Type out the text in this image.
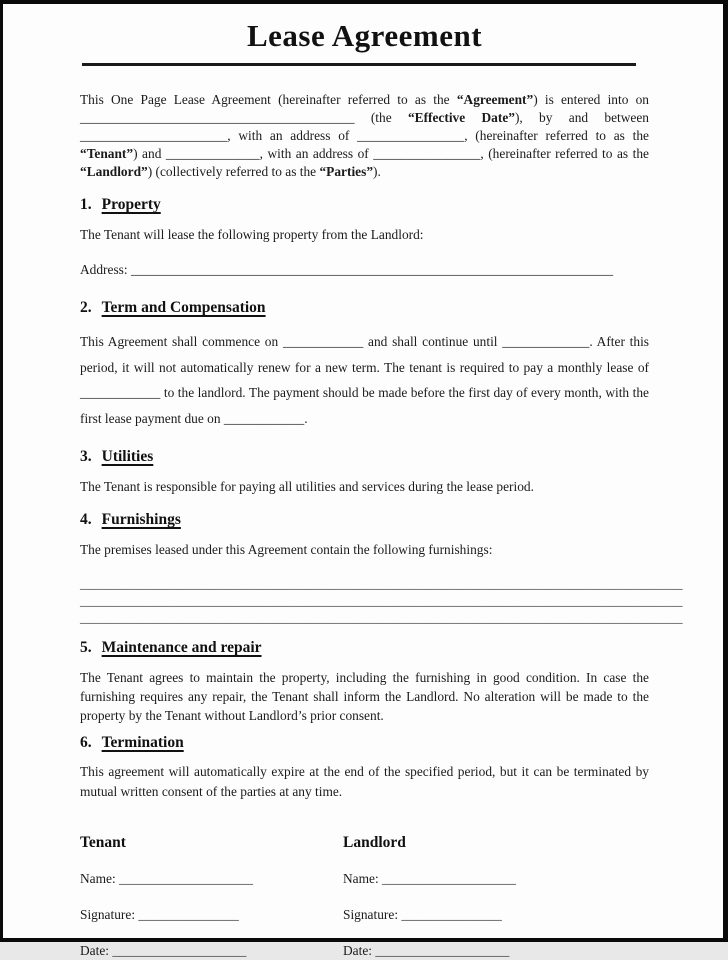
Lease Agreement

This One Page Lease Agreement (hereinafter referred to as the “Agreement”) is entered into on _________________________________________ (the “Effective Date”), by and between ______________________, with an address of ________________, (hereinafter referred to as the “Tenant”) and ______________, with an address of ________________, (hereinafter referred to as the “Landlord”) (collectively referred to as the “Parties”).

1. Property

The Tenant will lease the following property from the Landlord:

Address: ________________________________________________________________________

2. Term and Compensation

This Agreement shall commence on ____________ and shall continue until _____________. After this period, it will not automatically renew for a new term. The tenant is required to pay a monthly lease of ____________ to the landlord. The payment should be made before the first day of every month, with the first lease payment due on ____________.

3. Utilities

The Tenant is responsible for paying all utilities and services during the lease period.

4. Furnishings

The premises leased under this Agreement contain the following furnishings:

__________________________________________________________________________________________
__________________________________________________________________________________________
__________________________________________________________________________________________
5. Maintenance and repair

The Tenant agrees to maintain the property, including the furnishing in good condition. In case the furnishing requires any repair, the Tenant shall inform the Landlord. No alteration will be made to the property by the Tenant without Landlord’s prior consent.

6. Termination

This agreement will automatically expire at the end of the specified period, but it can be terminated by mutual written consent of the parties at any time.

Tenant

Name: ____________________

Signature: _______________

Date: ____________________

Landlord

Name: ____________________

Signature: _______________

Date: ____________________
